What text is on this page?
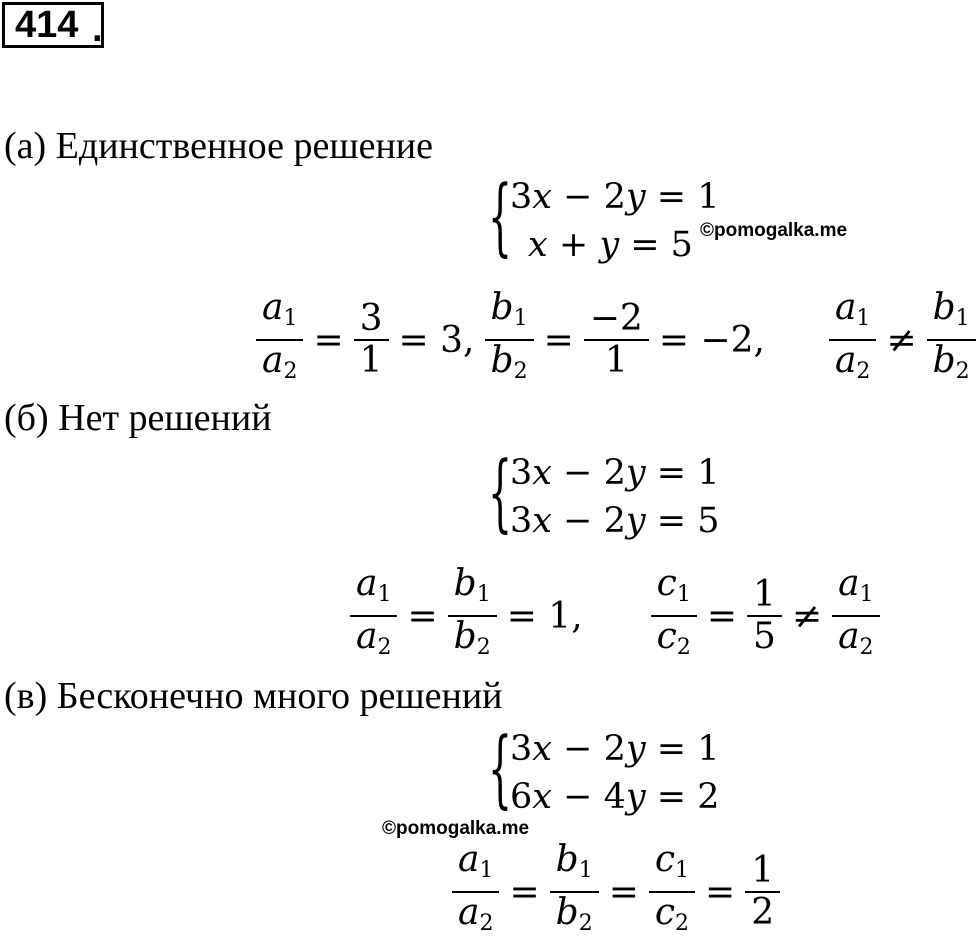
414 .
(а) Единственное решение
{
3x − 2y = 1
x + y = 5 ©pomogalka.me
$\frac{a_1}{a_2} = \frac{3}{1} = 3$, $\frac{b_1}{b_2} = \frac{-2}{1} = -2$, $\frac{a_1}{a_2} \ne \frac{b_1}{b_2}$
(б) Нет решений
{
3x − 2y = 1
3x − 2y = 5
$\frac{a_1}{a_2} = \frac{b_1}{b_2} = 1$, $\frac{c_1}{c_2} = \frac{1}{5} \ne \frac{a_1}{a_2}$
(в) Бесконечно много решений
{
3x − 2y = 1
6x − 4y = 2
©pomogalka.me
$\frac{a_1}{a_2} = \frac{b_1}{b_2} = \frac{c_1}{c_2} = \frac{1}{2}$
